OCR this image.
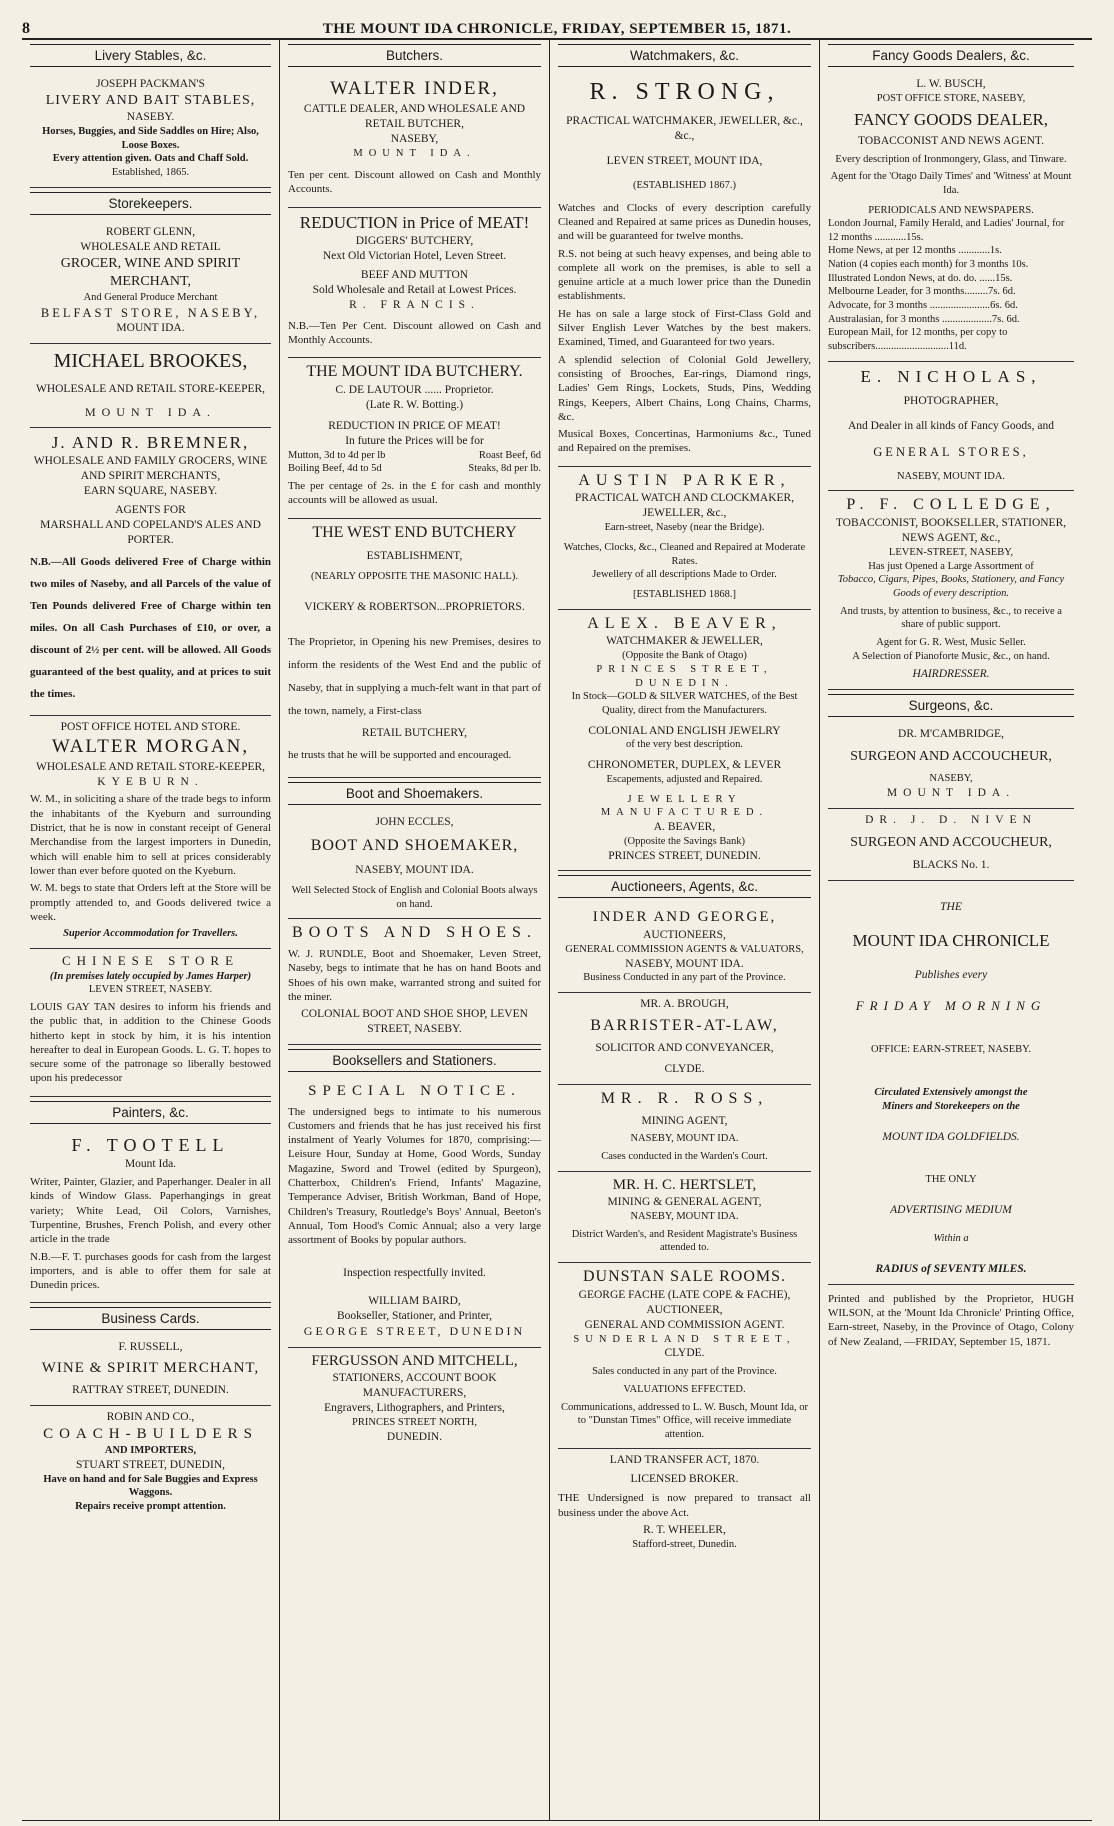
8	THE MOUNT IDA CHRONICLE, FRIDAY, SEPTEMBER 15, 1871.
Livery Stables, &c.
JOSEPH PACKMAN'S
LIVERY AND BAIT STABLES,
NASEBY.
Horses, Buggies, and Side Saddles on Hire; Also, Loose Boxes.
Every attention given. Oats and Chaff Sold.
Established, 1865.
Storekeepers.
ROBERT GLENN,
WHOLESALE AND RETAIL
GROCER, WINE AND SPIRIT MERCHANT,
And General Produce Merchant
BELFAST STORE, NASEBY,
MOUNT IDA.
MICHAEL BROOKES,
WHOLESALE AND RETAIL STORE-KEEPER,
MOUNT IDA.
J. AND R. BREMNER,
WHOLESALE AND FAMILY GROCERS, WINE AND SPIRIT MERCHANTS,
EARN SQUARE, NASEBY.
AGENTS FOR
MARSHALL AND COPELAND'S ALES AND PORTER.
N.B.—All Goods delivered Free of Charge within two miles of Naseby, and all Parcels of the value of Ten Pounds delivered Free of Charge within ten miles. On all Cash Purchases of £10, or over, a discount of 2½ per cent. will be allowed. All Goods guaranteed of the best quality, and at prices to suit the times.
POST OFFICE HOTEL AND STORE.
WALTER MORGAN,
WHOLESALE AND RETAIL STORE-KEEPER,
KYEBURN.
W. M., in soliciting a share of the trade begs to inform the inhabitants of the Kyeburn and surrounding District, that he is now in constant receipt of General Merchandise from the largest importers in Dunedin, which will enable him to sell at prices considerably lower than ever before quoted on the Kyeburn.
W. M. begs to state that Orders left at the Store will be promptly attended to, and Goods delivered twice a week.
Superior Accommodation for Travellers.
CHINESE STORE
(In premises lately occupied by James Harper)
LEVEN STREET, NASEBY.
LOUIS GAY TAN desires to inform his friends and the public that, in addition to the Chinese Goods hitherto kept in stock by him, it is his intention hereafter to deal in European Goods. L. G. T. hopes to secure some of the patronage so liberally bestowed upon his predecessor
Painters, &c.
F. TOOTELL
Mount Ida.
Writer, Painter, Glazier, and Paperhanger. Dealer in all kinds of Window Glass. Paperhangings in great variety; White Lead, Oil Colors, Varnishes, Turpentine, Brushes, French Polish, and every other article in the trade
N.B.—F. T. purchases goods for cash from the largest importers, and is able to offer them for sale at Dunedin prices.
Business Cards.
F. RUSSELL,
WINE & SPIRIT MERCHANT,
RATTRAY STREET, DUNEDIN.
ROBIN AND CO.,
COACH-BUILDERS
AND IMPORTERS,
STUART STREET, DUNEDIN,
Have on hand and for Sale Buggies and Express Waggons.
Repairs receive prompt attention.
Butchers.
WALTER INDER,
CATTLE DEALER, AND WHOLESALE AND RETAIL BUTCHER,
NASEBY,
MOUNT IDA.
Ten per cent. Discount allowed on Cash and Monthly Accounts.
REDUCTION in Price of MEAT!
DIGGERS' BUTCHERY,
Next Old Victorian Hotel, Leven Street.
BEEF AND MUTTON
Sold Wholesale and Retail at Lowest Prices.
R. FRANCIS.
N.B.—Ten Per Cent. Discount allowed on Cash and Monthly Accounts.
THE MOUNT IDA BUTCHERY.
C. DE LAUTOUR ...... Proprietor.
(Late R. W. Botting.)
REDUCTION IN PRICE OF MEAT!
In future the Prices will be for
Mutton, 3d to 4d per lb	Roast Beef, 6d
Boiling Beef, 4d to 5d	Steaks, 8d per lb.
The per centage of 2s. in the £ for cash and monthly accounts will be allowed as usual.
THE WEST END BUTCHERY
ESTABLISHMENT,
(NEARLY OPPOSITE THE MASONIC HALL).
VICKERY & ROBERTSON...PROPRIETORS.
The Proprietor, in Opening his new Premises, desires to inform the residents of the West End and the public of Naseby, that in supplying a much-felt want in that part of the town, namely, a First-class
RETAIL BUTCHERY,
he trusts that he will be supported and encouraged.
Boot and Shoemakers.
JOHN ECCLES,
BOOT AND SHOEMAKER,
NASEBY, MOUNT IDA.
Well Selected Stock of English and Colonial Boots always on hand.
BOOTS AND SHOES.
W. J. RUNDLE, Boot and Shoemaker, Leven Street, Naseby, begs to intimate that he has on hand Boots and Shoes of his own make, warranted strong and suited for the miner.
COLONIAL BOOT AND SHOE SHOP, LEVEN STREET, NASEBY.
Booksellers and Stationers.
SPECIAL NOTICE.
The undersigned begs to intimate to his numerous Customers and friends that he has just received his first instalment of Yearly Volumes for 1870, comprising:—Leisure Hour, Sunday at Home, Good Words, Sunday Magazine, Sword and Trowel (edited by Spurgeon), Chatterbox, Children's Friend, Infants' Magazine, Temperance Adviser, British Workman, Band of Hope, Children's Treasury, Routledge's Boys' Annual, Beeton's Annual, Tom Hood's Comic Annual; also a very large assortment of Books by popular authors.
Inspection respectfully invited.
WILLIAM BAIRD,
Bookseller, Stationer, and Printer,
GEORGE STREET, DUNEDIN
FERGUSSON AND MITCHELL,
STATIONERS, ACCOUNT BOOK MANUFACTURERS,
Engravers, Lithographers, and Printers,
PRINCES STREET NORTH,
DUNEDIN.
Watchmakers, &c.
R. STRONG,
PRACTICAL WATCHMAKER, JEWELLER, &c., &c.,
LEVEN STREET, MOUNT IDA,
(ESTABLISHED 1867.)
Watches and Clocks of every description carefully Cleaned and Repaired at same prices as Dunedin houses, and will be guaranteed for twelve months.
R.S. not being at such heavy expenses, and being able to complete all work on the premises, is able to sell a genuine article at a much lower price than the Dunedin establishments.
He has on sale a large stock of First-Class Gold and Silver English Lever Watches by the best makers. Examined, Timed, and Guaranteed for two years.
A splendid selection of Colonial Gold Jewellery, consisting of Brooches, Ear-rings, Diamond rings, Ladies' Gem Rings, Lockets, Studs, Pins, Wedding Rings, Keepers, Albert Chains, Long Chains, Charms, &c.
Musical Boxes, Concertinas, Harmoniums &c., Tuned and Repaired on the premises.
AUSTIN PARKER,
PRACTICAL WATCH AND CLOCKMAKER, JEWELLER, &c.,
Earn-street, Naseby (near the Bridge).
Watches, Clocks, &c., Cleaned and Repaired at Moderate Rates.
Jewellery of all descriptions Made to Order.
[ESTABLISHED 1868.]
ALEX. BEAVER,
WATCHMAKER & JEWELLER,
(Opposite the Bank of Otago)
PRINCES STREET, DUNEDIN.
In Stock—GOLD & SILVER WATCHES, of the Best Quality, direct from the Manufacturers.
COLONIAL AND ENGLISH JEWELRY
of the very best description.
CHRONOMETER, DUPLEX, & LEVER
Escapements, adjusted and Repaired.
JEWELLERY MANUFACTURED.
A. BEAVER,
(Opposite the Savings Bank)
PRINCES STREET, DUNEDIN.
Auctioneers, Agents, &c.
INDER AND GEORGE,
AUCTIONEERS,
GENERAL COMMISSION AGENTS & VALUATORS,
NASEBY, MOUNT IDA.
Business Conducted in any part of the Province.
MR. A. BROUGH,
BARRISTER-AT-LAW,
SOLICITOR AND CONVEYANCER,
CLYDE.
MR. R. ROSS,
MINING AGENT,
NASEBY, MOUNT IDA.
Cases conducted in the Warden's Court.
MR. H. C. HERTSLET,
MINING & GENERAL AGENT,
NASEBY, MOUNT IDA.
District Warden's, and Resident Magistrate's Business attended to.
DUNSTAN SALE ROOMS.
GEORGE FACHE (LATE COPE & FACHE),
AUCTIONEER,
GENERAL AND COMMISSION AGENT.
SUNDERLAND STREET,
CLYDE.
Sales conducted in any part of the Province.
VALUATIONS EFFECTED.
Communications, addressed to L. W. Busch, Mount Ida, or to "Dunstan Times" Office, will receive immediate attention.
LAND TRANSFER ACT, 1870.
LICENSED BROKER.
THE Undersigned is now prepared to transact all business under the above Act.
R. T. WHEELER,
Stafford-street, Dunedin.
Fancy Goods Dealers, &c.
L. W. BUSCH,
POST OFFICE STORE, NASEBY,
FANCY GOODS DEALER,
TOBACCONIST AND NEWS AGENT.
Every description of Ironmongery, Glass, and Tinware.
Agent for the 'Otago Daily Times' and 'Witness' at Mount Ida.
PERIODICALS AND NEWSPAPERS.
London Journal, Family Herald, and Ladies' Journal, for 12 months ............15s.
Home News, at per 12 months ............1s.
Nation (4 copies each month) for 3 months 10s.
Illustrated London News, at do. do. ......15s.
Melbourne Leader, for 3 months.........7s. 6d.
Advocate, for 3 months .......................6s. 6d.
Australasian, for 3 months ...................7s. 6d.
European Mail, for 12 months, per copy to subscribers............................11d.
E. NICHOLAS,
PHOTOGRAPHER,
And Dealer in all kinds of Fancy Goods, and
GENERAL STORES,
NASEBY, MOUNT IDA.
P. F. COLLEDGE,
TOBACCONIST, BOOKSELLER, STATIONER, NEWS AGENT, &c.,
LEVEN-STREET, NASEBY,
Has just Opened a Large Assortment of
Tobacco, Cigars, Pipes, Books, Stationery, and Fancy Goods of every description.
And trusts, by attention to business, &c., to receive a share of public support.
Agent for G. R. West, Music Seller.
A Selection of Pianoforte Music, &c., on hand.
HAIRDRESSER.
Surgeons, &c.
DR. M'CAMBRIDGE,
SURGEON AND ACCOUCHEUR,
NASEBY,
MOUNT IDA.
DR. J. D. NIVEN
SURGEON AND ACCOUCHEUR,
BLACKS No. 1.
THE
MOUNT IDA CHRONICLE
Publishes every
FRIDAY MORNING
OFFICE: EARN-STREET, NASEBY.
Circulated Extensively amongst the
Miners and Storekeepers on the
MOUNT IDA GOLDFIELDS.
THE ONLY
ADVERTISING MEDIUM
Within a
RADIUS of SEVENTY MILES.
Printed and published by the Proprietor, HUGH WILSON, at the 'Mount Ida Chronicle' Printing Office, Earn-street, Naseby, in the Province of Otago, Colony of New Zealand, —FRIDAY, September 15, 1871.
